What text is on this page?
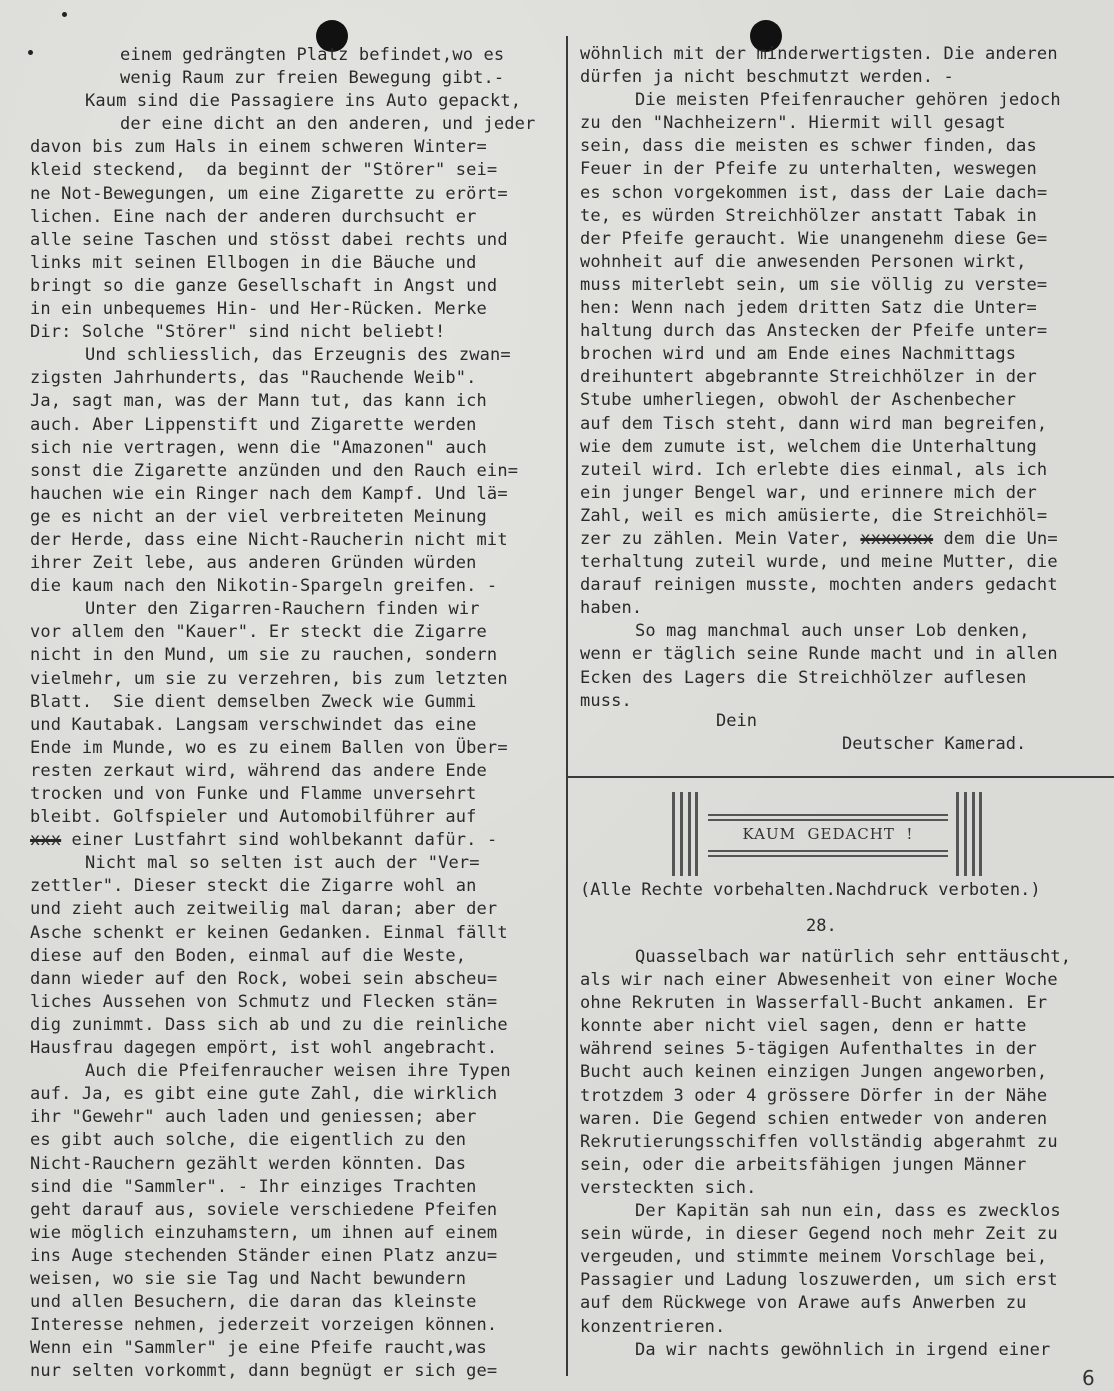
einem gedrängten Platz befindet,wo es
wenig Raum zur freien Bewegung gibt.-
Kaum sind die Passagiere ins Auto gepackt,
der eine dicht an den anderen, und jeder
davon bis zum Hals in einem schweren Winter=
kleid steckend,  da beginnt der "Störer" sei=
ne Not-Bewegungen, um eine Zigarette zu erört=
lichen. Eine nach der anderen durchsucht er
alle seine Taschen und stösst dabei rechts und
links mit seinen Ellbogen in die Bäuche und
bringt so die ganze Gesellschaft in Angst und
in ein unbequemes Hin- und Her-Rücken. Merke
Dir: Solche "Störer" sind nicht beliebt!
Und schliesslich, das Erzeugnis des zwan=
zigsten Jahrhunderts, das "Rauchende Weib".
Ja, sagt man, was der Mann tut, das kann ich
auch. Aber Lippenstift und Zigarette werden
sich nie vertragen, wenn die "Amazonen" auch
sonst die Zigarette anzünden und den Rauch ein=
hauchen wie ein Ringer nach dem Kampf. Und lä=
ge es nicht an der viel verbreiteten Meinung
der Herde, dass eine Nicht-Raucherin nicht mit
ihrer Zeit lebe, aus anderen Gründen würden
die kaum nach den Nikotin-Spargeln greifen. -
Unter den Zigarren-Rauchern finden wir
vor allem den "Kauer". Er steckt die Zigarre
nicht in den Mund, um sie zu rauchen, sondern
vielmehr, um sie zu verzehren, bis zum letzten
Blatt.  Sie dient demselben Zweck wie Gummi
und Kautabak. Langsam verschwindet das eine
Ende im Munde, wo es zu einem Ballen von Über=
resten zerkaut wird, während das andere Ende
trocken und von Funke und Flamme unversehrt
bleibt. Golfspieler und Automobilführer auf
xxx einer Lustfahrt sind wohlbekannt dafür. -
Nicht mal so selten ist auch der "Ver=
zettler". Dieser steckt die Zigarre wohl an
und zieht auch zeitweilig mal daran; aber der
Asche schenkt er keinen Gedanken. Einmal fällt
diese auf den Boden, einmal auf die Weste,
dann wieder auf den Rock, wobei sein abscheu=
liches Aussehen von Schmutz und Flecken stän=
dig zunimmt. Dass sich ab und zu die reinliche
Hausfrau dagegen empört, ist wohl angebracht.
Auch die Pfeifenraucher weisen ihre Typen
auf. Ja, es gibt eine gute Zahl, die wirklich
ihr "Gewehr" auch laden und geniessen; aber
es gibt auch solche, die eigentlich zu den
Nicht-Rauchern gezählt werden könnten. Das
sind die "Sammler". - Ihr einziges Trachten
geht darauf aus, soviele verschiedene Pfeifen
wie möglich einzuhamstern, um ihnen auf einem
ins Auge stechenden Ständer einen Platz anzu=
weisen, wo sie sie Tag und Nacht bewundern
und allen Besuchern, die daran das kleinste
Interesse nehmen, jederzeit vorzeigen können.
Wenn ein "Sammler" je eine Pfeife raucht,was
nur selten vorkommt, dann begnügt er sich ge=
wöhnlich mit der minderwertigsten. Die anderen
dürfen ja nicht beschmutzt werden. -
Die meisten Pfeifenraucher gehören jedoch
zu den "Nachheizern". Hiermit will gesagt
sein, dass die meisten es schwer finden, das
Feuer in der Pfeife zu unterhalten, weswegen
es schon vorgekommen ist, dass der Laie dach=
te, es würden Streichhölzer anstatt Tabak in
der Pfeife geraucht. Wie unangenehm diese Ge=
wohnheit auf die anwesenden Personen wirkt,
muss miterlebt sein, um sie völlig zu verste=
hen: Wenn nach jedem dritten Satz die Unter=
haltung durch das Anstecken der Pfeife unter=
brochen wird und am Ende eines Nachmittags
dreihuntert abgebrannte Streichhölzer in der
Stube umherliegen, obwohl der Aschenbecher
auf dem Tisch steht, dann wird man begreifen,
wie dem zumute ist, welchem die Unterhaltung
zuteil wird. Ich erlebte dies einmal, als ich
ein junger Bengel war, und erinnere mich der
Zahl, weil es mich amüsierte, die Streichhöl=
zer zu zählen. Mein Vater, xxxxxxx dem die Un=
terhaltung zuteil wurde, und meine Mutter, die
darauf reinigen musste, mochten anders gedacht
haben.
So mag manchmal auch unser Lob denken,
wenn er täglich seine Runde macht und in allen
Ecken des Lagers die Streichhölzer auflesen
muss.
Dein
Deutscher Kamerad.
KAUM  GEDACHT  !
(Alle Rechte vorbehalten.Nachdruck verboten.)
28.
Quasselbach war natürlich sehr enttäuscht,
als wir nach einer Abwesenheit von einer Woche
ohne Rekruten in Wasserfall-Bucht ankamen. Er
konnte aber nicht viel sagen, denn er hatte
während seines 5-tägigen Aufenthaltes in der
Bucht auch keinen einzigen Jungen angeworben,
trotzdem 3 oder 4 grössere Dörfer in der Nähe
waren. Die Gegend schien entweder von anderen
Rekrutierungsschiffen vollständig abgerahmt zu
sein, oder die arbeitsfähigen jungen Männer
versteckten sich.
Der Kapitän sah nun ein, dass es zwecklos
sein würde, in dieser Gegend noch mehr Zeit zu
vergeuden, und stimmte meinem Vorschlage bei,
Passagier und Ladung loszuwerden, um sich erst
auf dem Rückwege von Arawe aufs Anwerben zu
konzentrieren.
Da wir nachts gewöhnlich in irgend einer
6
